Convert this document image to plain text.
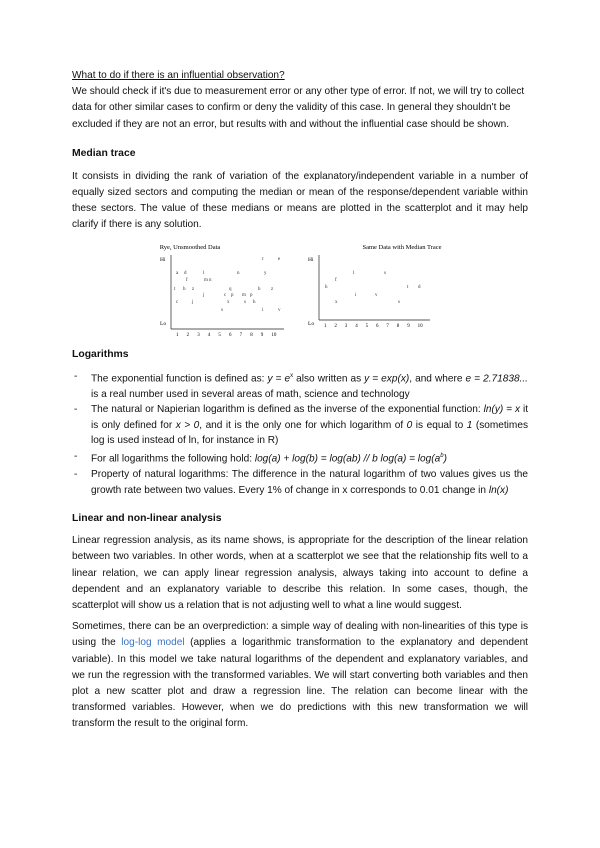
What to do if there is an influential observation?

We should check if it's due to measurement error or any other type of error. If not, we will try to collect data for other similar cases to confirm or deny the validity of this case. In general they shouldn't be excluded if they are not an error, but results with and without the influential case should be shown.

Median trace

It consists in dividing the rank of variation of the explanatory/independent variable in a number of equally sized sectors and computing the median or mean of the response/dependent variable within these sectors. The value of these medians or means are plotted in the scatterplot and it may help clarify if there is any solution.

Rye, Unsmoothed Data
Hi
Lo
1 2 3 4 5 6 7 8 9 10
r	e
a d	l	n	y
f	m n
t b z	q	h z
j	c p m p
c	j	x	s h
s	i	v
Same Data with Median Trace
Hi
Lo 1 2 3 4 5 6 7 8 9 10
l	s
f
h	t d
i	v
s
x
Logarithms
- The exponential function is defined as: $y = e^x$ also written as y = exp(x), and where e = 2.71838... is a real number used in several areas of math, science and technology
- The natural or Napierian logarithm is defined as the inverse of the exponential function: ln(y) = x it is only defined for x > 0, and it is the only one for which logarithm of 0 is equal to 1 (sometimes log is used instead of ln, for instance in R)
- For all logarithms the following hold: log(a) + log(b) = log(ab) // b $\log(a) = \log(a^b)$
- Property of natural logarithms: The difference in the natural logarithm of two values gives us the growth rate between two values. Every 1% of change in x corresponds to 0.01 change in ln(x)
Linear and non-linear analysis

Linear regression analysis, as its name shows, is appropriate for the description of the linear relation between two variables. In other words, when at a scatterplot we see that the relationship fits well to a linear relation, we can apply linear regression analysis, always taking into account to define a dependent and an explanatory variable to describe this relation. In some cases, though, the scatterplot will show us a relation that is not adjusting well to what a line would suggest.

Sometimes, there can be an overprediction: a simple way of dealing with non-linearities of this type is using the log-log model (applies a logarithmic transformation to the explanatory and dependent variable). In this model we take natural logarithms of the dependent and explanatory variables, and we run the regression with the transformed variables. We will start converting both variables and then plot a new scatter plot and draw a regression line. The relation can become linear with the transformed variables. However, when we do predictions with this new transformation we will transform the result to the original form.
